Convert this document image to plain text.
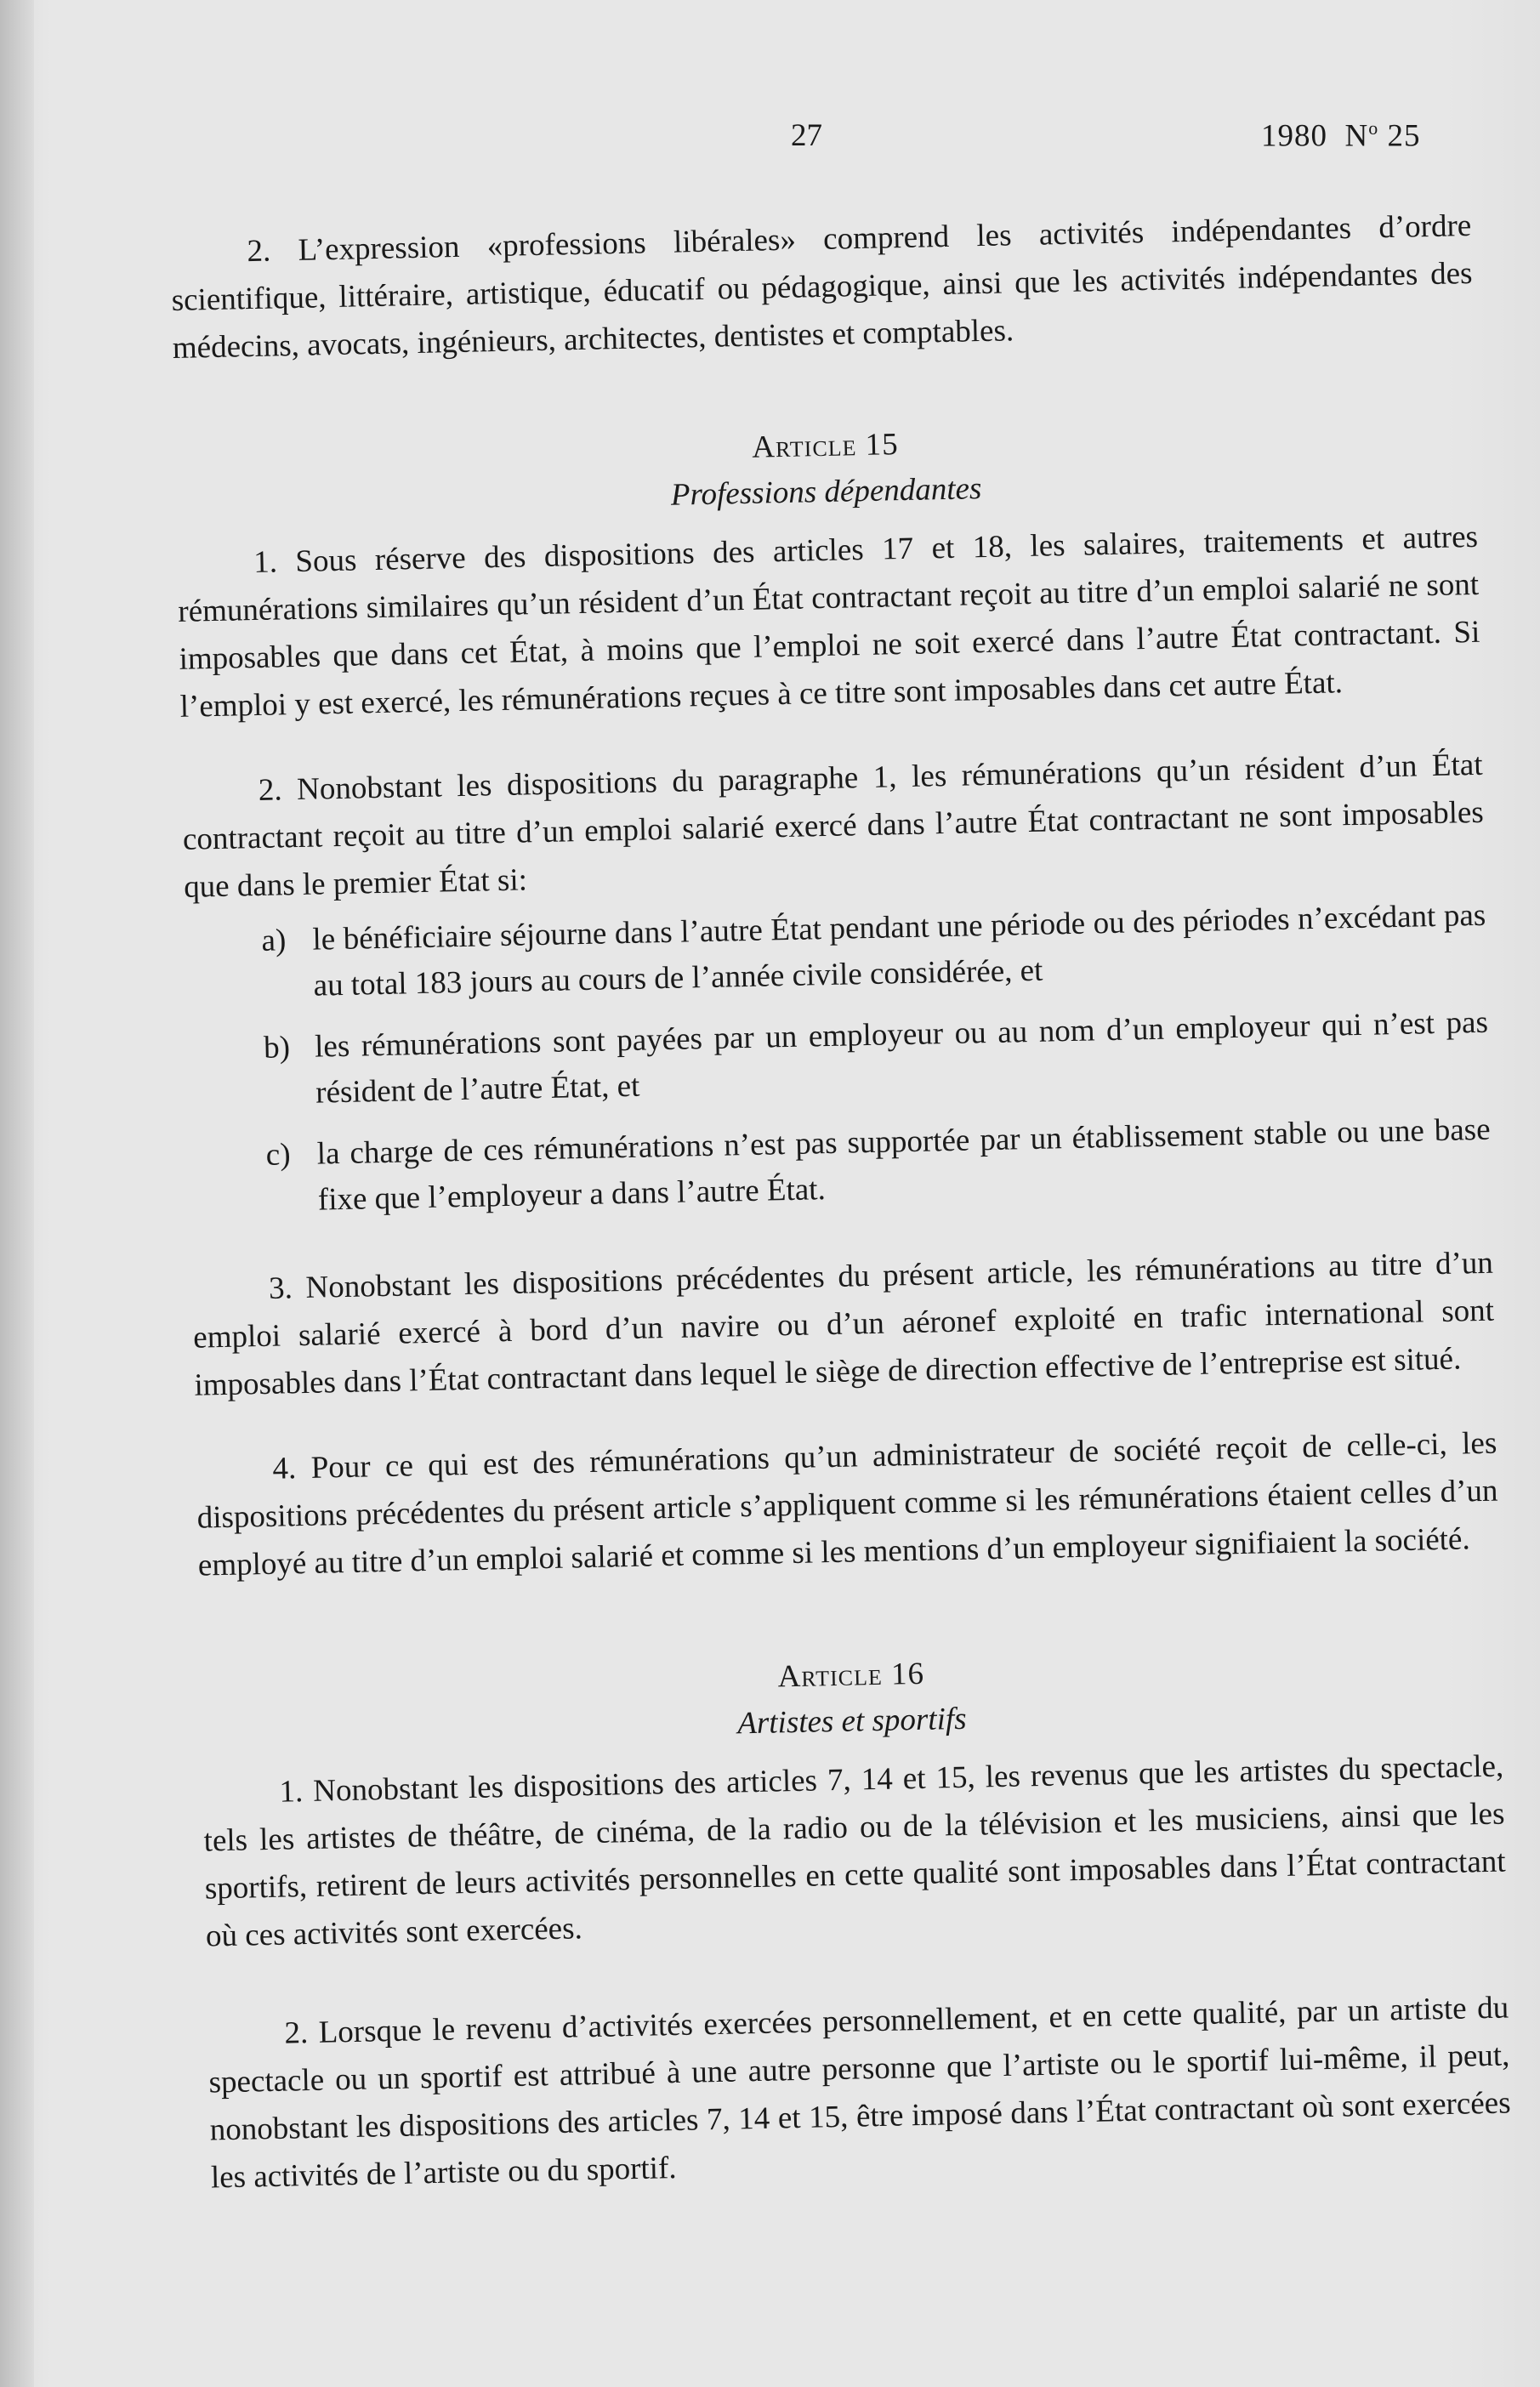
27	1980 $N^o$ 25

2. L’expression «professions libérales» comprend les activités indépendantes d’ordre scientifique, littéraire, artistique, éducatif ou pédagogique, ainsi que les activités indépendantes des médecins, avocats, ingénieurs, architectes, dentistes et comptables.

Article 15
Professions dépendantes

1. Sous réserve des dispositions des articles 17 et 18, les salaires, traitements et autres rémunérations similaires qu’un résident d’un État contractant reçoit au titre d’un emploi salarié ne sont imposables que dans cet État, à moins que l’emploi ne soit exercé dans l’autre État contractant. Si l’emploi y est exercé, les rémunérations reçues à ce titre sont imposables dans cet autre État.

2. Nonobstant les dispositions du paragraphe 1, les rémunérations qu’un résident d’un État contractant reçoit au titre d’un emploi salarié exercé dans l’autre État contractant ne sont imposables que dans le premier État si:

a) le bénéficiaire séjourne dans l’autre État pendant une période ou des périodes n’excédant pas au total 183 jours au cours de l’année civile considérée, et
b) les rémunérations sont payées par un employeur ou au nom d’un employeur qui n’est pas résident de l’autre État, et
c) la charge de ces rémunérations n’est pas supportée par un établissement stable ou une base fixe que l’employeur a dans l’autre État.

3. Nonobstant les dispositions précédentes du présent article, les rémunérations au titre d’un emploi salarié exercé à bord d’un navire ou d’un aéronef exploité en trafic international sont imposables dans l’État contractant dans lequel le siège de direction effective de l’entreprise est situé.

4. Pour ce qui est des rémunérations qu’un administrateur de société reçoit de celle-ci, les dispositions précédentes du présent article s’appliquent comme si les rémunérations étaient celles d’un employé au titre d’un emploi salarié et comme si les mentions d’un employeur signifiaient la société.

Article 16
Artistes et sportifs

1. Nonobstant les dispositions des articles 7, 14 et 15, les revenus que les artistes du spectacle, tels les artistes de théâtre, de cinéma, de la radio ou de la télévision et les musiciens, ainsi que les sportifs, retirent de leurs activités personnelles en cette qualité sont imposables dans l’État contractant où ces activités sont exercées.

2. Lorsque le revenu d’activités exercées personnellement, et en cette qualité, par un artiste du spectacle ou un sportif est attribué à une autre personne que l’artiste ou le sportif lui-même, il peut, nonobstant les dispositions des articles 7, 14 et 15, être imposé dans l’État contractant où sont exercées les activités de l’artiste ou du sportif.
